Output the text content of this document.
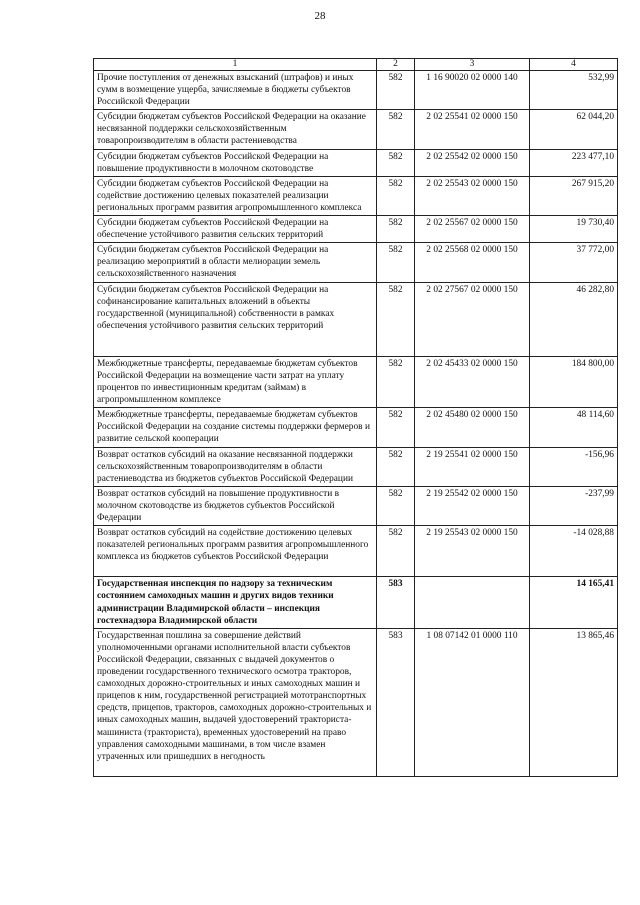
28
1	2	3	4
Прочие поступления от денежных взысканий (штрафов) и иных сумм в возмещение ущерба, зачисляемые в бюджеты субъектов Российской Федерации	582	1 16 90020 02 0000 140	532,99
Субсидии бюджетам субъектов Российской Федерации на оказание несвязанной поддержки сельскохозяйственным товаропроизводителям в области растениеводства	582	2 02 25541 02 0000 150	62 044,20
Субсидии бюджетам субъектов Российской Федерации на повышение продуктивности в молочном скотоводстве	582	2 02 25542 02 0000 150	223 477,10
Субсидии бюджетам субъектов Российской Федерации на содействие достижению целевых показателей реализации региональных программ развития агропромышленного комплекса	582	2 02 25543 02 0000 150	267 915,20
Субсидии бюджетам субъектов Российской Федерации на обеспечение устойчивого развития сельских территорий	582	2 02 25567 02 0000 150	19 730,40
Субсидии бюджетам субъектов Российской Федерации на реализацию мероприятий в области мелиорации земель сельскохозяйственного назначения	582	2 02 25568 02 0000 150	37 772,00
Субсидии бюджетам субъектов Российской Федерации на софинансирование капитальных вложений в объекты государственной (муниципальной) собственности в рамках обеспечения устойчивого развития сельских территорий	582	2 02 27567 02 0000 150	46 282,80
Межбюджетные трансферты, передаваемые бюджетам субъектов Российской Федерации на возмещение части затрат на уплату процентов по инвестиционным кредитам (займам) в агропромышленном комплексе	582	2 02 45433 02 0000 150	184 800,00
Межбюджетные трансферты, передаваемые бюджетам субъектов Российской Федерации на создание системы поддержки фермеров и развитие сельской кооперации	582	2 02 45480 02 0000 150	48 114,60
Возврат остатков субсидий на оказание несвязанной поддержки сельскохозяйственным товаропроизводителям в области растениеводства из бюджетов субъектов Российской Федерации	582	2 19 25541 02 0000 150	-156,96
Возврат остатков субсидий на повышение продуктивности в молочном скотоводстве из бюджетов субъектов Российской Федерации	582	2 19 25542 02 0000 150	-237,99
Возврат остатков субсидий на содействие достижению целевых показателей региональных программ развития агропромышленного комплекса из бюджетов субъектов Российской Федерации	582	2 19 25543 02 0000 150	-14 028,88
Государственная инспекция по надзору за техническим состоянием самоходных машин и других видов техники администрации Владимирской области – инспекция гостехнадзора Владимирской области	583		14 165,41
Государственная пошлина за совершение действий уполномоченными органами исполнительной власти субъектов Российской Федерации, связанных с выдачей документов о проведении государственного технического осмотра тракторов, самоходных дорожно-строительных и иных самоходных машин и прицепов к ним, государственной регистрацией мототранспортных средств, прицепов, тракторов, самоходных дорожно-строительных и иных самоходных машин, выдачей удостоверений тракториста-машиниста (тракториста), временных удостоверений на право управления самоходными машинами, в том числе взамен утраченных или пришедших в негодность	583	1 08 07142 01 0000 110	13 865,46
